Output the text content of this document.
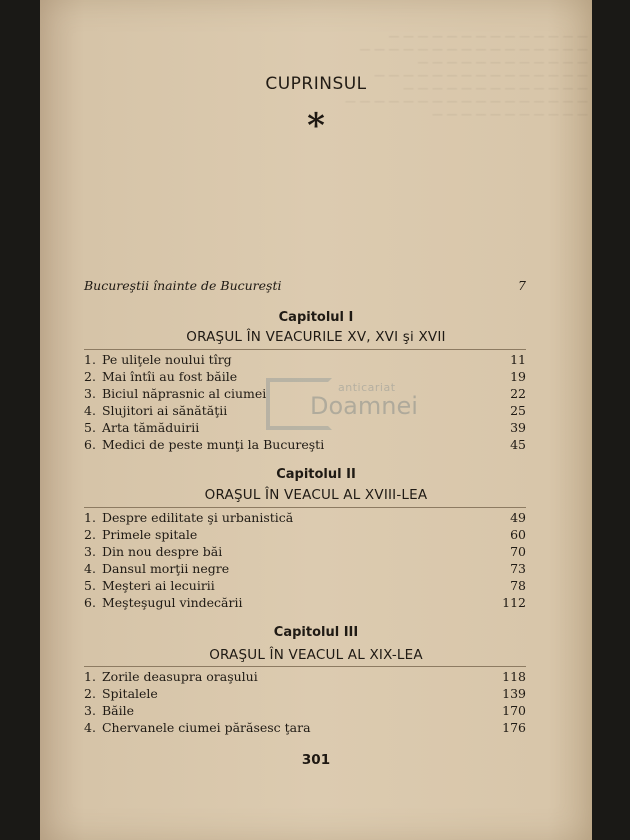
— — — — — — — — — — — — — —
— — — — — — — — — — — — — — — —
— — — — — — — — — — — —
— — — — — — — — — — — — — — —
— — — — — — — — — — — — —
— — — — — — — — — — — — — — — — —
— — — — — — — — — — —
CUPRINSUL
*
Bucureştii înainte de Bucureşti	7
Capitolul I
ORAŞUL ÎN VEACURILE XV, XVI şi XVII
1. Pe uliţele noului tîrg	11
2. Mai întîi au fost băile	19
3. Biciul năprasnic al ciumei	22
4. Slujitori ai sănătăţii	25
5. Arta tămăduirii	39
6. Medici de peste munţi la Bucureşti	45
Capitolul II
ORAŞUL ÎN VEACUL AL XVIII-LEA
1. Despre edilitate şi urbanistică	49
2. Primele spitale	60
3. Din nou despre băi	70
4. Dansul morţii negre	73
5. Meşteri ai lecuirii	78
6. Meşteşugul vindecării	112
Capitolul III
ORAŞUL ÎN VEACUL AL XIX-LEA
1. Zorile deasupra oraşului	118
2. Spitalele	139
3. Băile	170
4. Chervanele ciumei părăsesc ţara	176
301
anticariat
Doamnei
